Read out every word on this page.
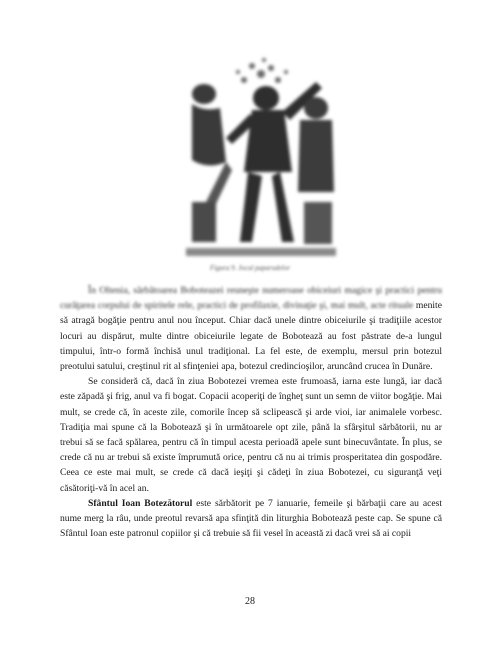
Figura 9. Jocul paparudelor

În Oltenia, sărbătoarea Boboteazei reuneşte numeroase obiceiuri magice şi practici pentru curăţarea corpului de spiritele rele, practici de profilaxie, divinaţie şi, mai mult, acte rituale menite să atragă bogăţie pentru anul nou început. Chiar dacă unele dintre obiceiurile şi tradiţiile acestor locuri au dispărut, multe dintre obiceiurile legate de Bobotează au fost păstrate de-a lungul timpului, într-o formă închisă unul tradiţional. La fel este, de exemplu, mersul prin botezul preotului satului, creştinul rit al sfinţeniei apa, botezul credincioşilor, aruncând crucea în Dunăre.

Se consideră că, dacă în ziua Bobotezei vremea este frumoasă, iarna este lungă, iar dacă este zăpadă şi frig, anul va fi bogat. Copacii acoperiţi de îngheţ sunt un semn de viitor bogăţie. Mai mult, se crede că, în aceste zile, comorile încep să sclipească şi arde vioi, iar animalele vorbesc. Tradiţia mai spune că la Bobotează şi în următoarele opt zile, până la sfârşitul sărbătorii, nu ar trebui să se facă spălarea, pentru că în timpul acesta perioadă apele sunt binecuvântate. În plus, se crede că nu ar trebui să existe împrumută orice, pentru că nu ai trimis prosperitatea din gospodăre. Ceea ce este mai mult, se crede că dacă ieşiţi şi cădeţi în ziua Bobotezei, cu siguranţă veţi căsătoriţi-vă în acel an.

Sfântul Ioan Botezătorul este sărbătorit pe 7 ianuarie, femeile şi bărbaţii care au acest nume merg la râu, unde preotul revarsă apa sfinţită din liturghia Bobotează peste cap. Se spune că Sfântul Ioan este patronul copiilor şi că trebuie să fii vesel în această zi dacă vrei să ai copii

28
